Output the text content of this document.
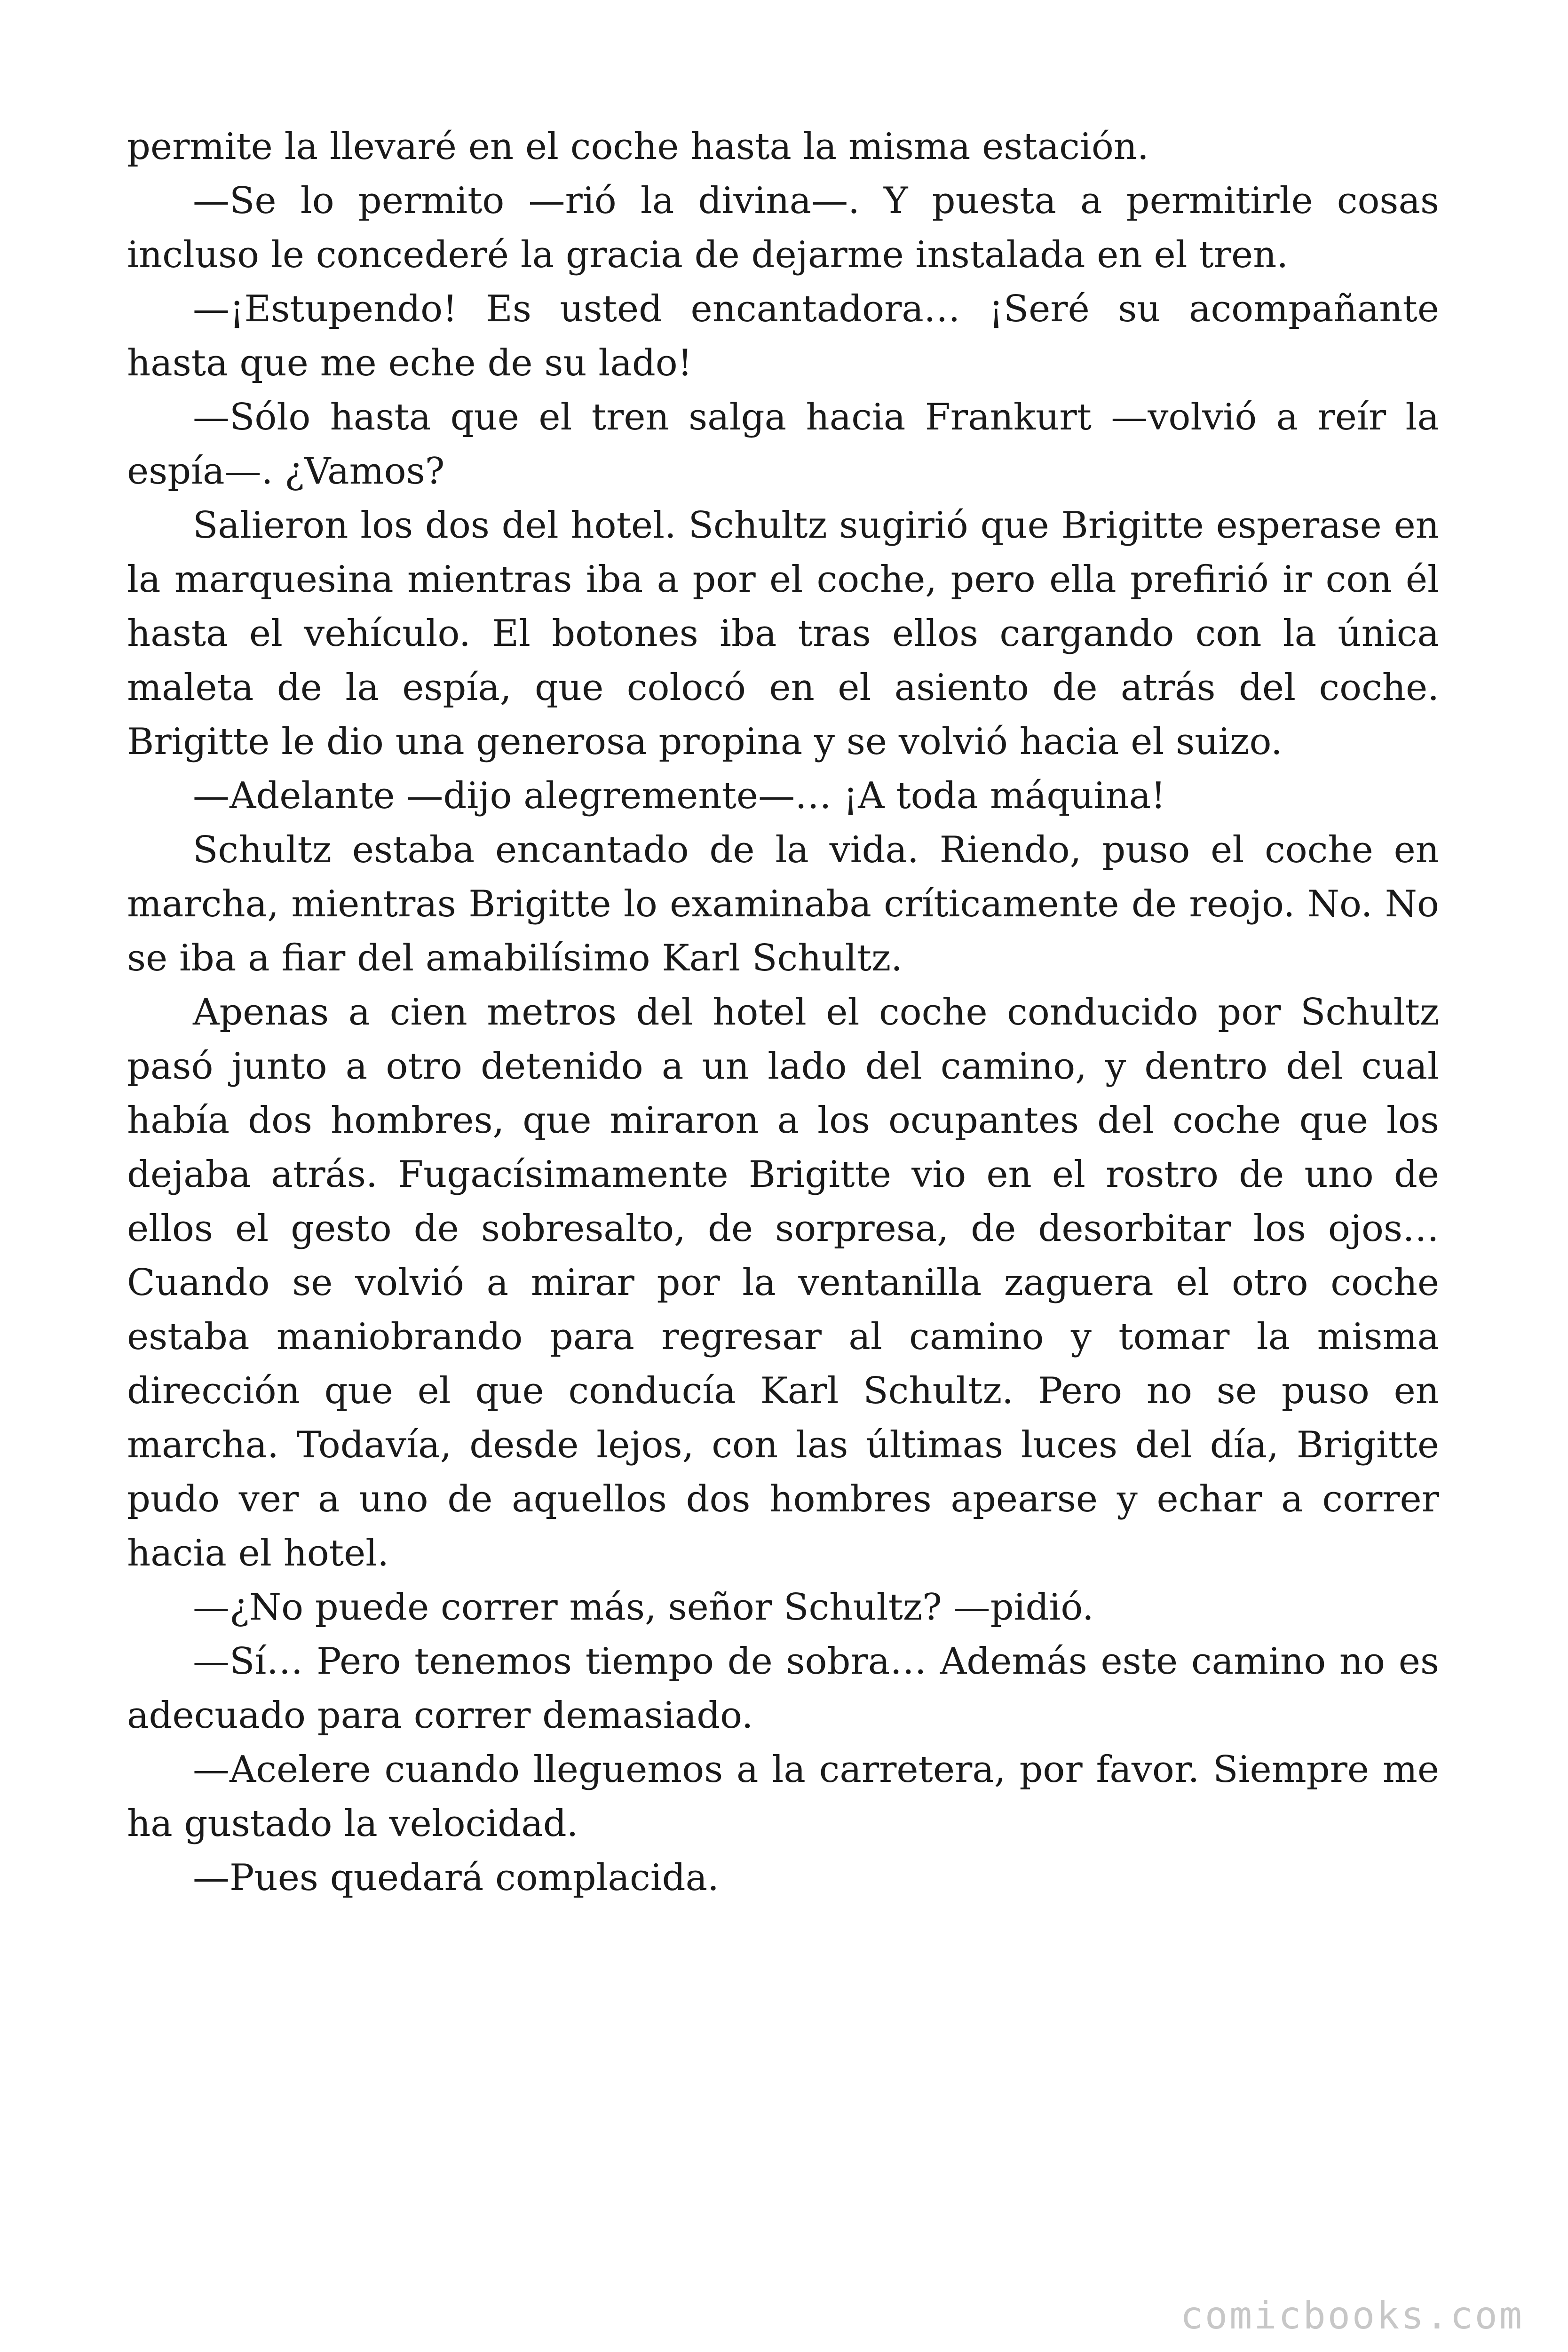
permite la llevaré en el coche hasta la misma estación.

—Se lo permito —rió la divina—. Y puesta a permitirle cosas incluso le concederé la gracia de dejarme instalada en el tren.

—¡Estupendo! Es usted encantadora… ¡Seré su acompañante hasta que me eche de su lado!

—Sólo hasta que el tren salga hacia Frankurt —volvió a reír la espía—. ¿Vamos?

Salieron los dos del hotel. Schultz sugirió que Brigitte esperase en la marquesina mientras iba a por el coche, pero ella prefirió ir con él hasta el vehículo. El botones iba tras ellos cargando con la única maleta de la espía, que colocó en el asiento de atrás del coche. Brigitte le dio una generosa propina y se volvió hacia el suizo.

—Adelante —dijo alegremente—… ¡A toda máquina!

Schultz estaba encantado de la vida. Riendo, puso el coche en marcha, mientras Brigitte lo examinaba críticamente de reojo. No. No se iba a fiar del amabilísimo Karl Schultz.

Apenas a cien metros del hotel el coche conducido por Schultz pasó junto a otro detenido a un lado del camino, y dentro del cual había dos hombres, que miraron a los ocupantes del coche que los dejaba atrás. Fugacísimamente Brigitte vio en el rostro de uno de ellos el gesto de sobresalto, de sorpresa, de desorbitar los ojos… Cuando se volvió a mirar por la ventanilla zaguera el otro coche estaba maniobrando para regresar al camino y tomar la misma dirección que el que conducía Karl Schultz. Pero no se puso en marcha. Todavía, desde lejos, con las últimas luces del día, Brigitte pudo ver a uno de aquellos dos hombres apearse y echar a correr hacia el hotel.

—¿No puede correr más, señor Schultz? —pidió.

—Sí… Pero tenemos tiempo de sobra… Además este camino no es adecuado para correr demasiado.

—Acelere cuando lleguemos a la carretera, por favor. Siempre me ha gustado la velocidad.

—Pues quedará complacida.

comicbooks.com
